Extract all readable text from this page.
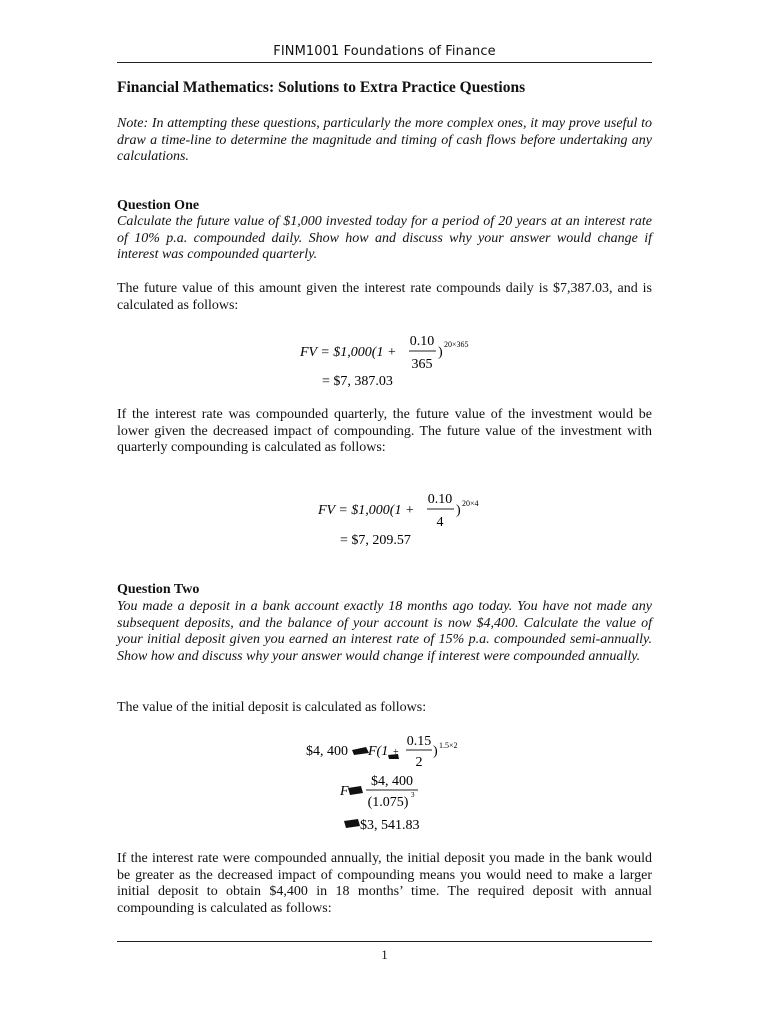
FINM1001 Foundations of Finance
Financial Mathematics: Solutions to Extra Practice Questions

Note: In attempting these questions, particularly the more complex ones, it may prove useful to draw a time-line to determine the magnitude and timing of cash flows before undertaking any calculations.

Question One

Calculate the future value of $1,000 invested today for a period of 20 years at an interest rate of 10% p.a. compounded daily. Show how and discuss why your answer would change if interest was compounded quarterly.

The future value of this amount given the interest rate compounds daily is $7,387.03, and is calculated as follows:

Question Two

You made a deposit in a bank account exactly 18 months ago today. You have not made any subsequent deposits, and the balance of your account is now $4,400. Calculate the value of your initial deposit given you earned an interest rate of 15% p.a. compounded semi-annually. Show how and discuss why your answer would change if interest were compounded annually.

The value of the initial deposit is calculated as follows:

If the interest rate was compounded quarterly, the future value of the investment would be lower given the decreased impact of compounding. The future value of the investment with quarterly compounding is calculated as follows:

If the interest rate were compounded annually, the initial deposit you made in the bank would be greater as the decreased impact of compounding means you would need to make a larger initial deposit to obtain $4,400 in 18 months’ time. The required deposit with annual compounding is calculated as follows:

FV = $1,000(1 +
0.10
365
)
20×365
= $7, 387.03
FV = $1,000(1 +
0.10
4
) 20×4
= $7, 209.57
$4, 400 F(1 +
0.15
2
) 1.5×2
F
$4, 400
(1.075) 3
$3, 541.83
1
